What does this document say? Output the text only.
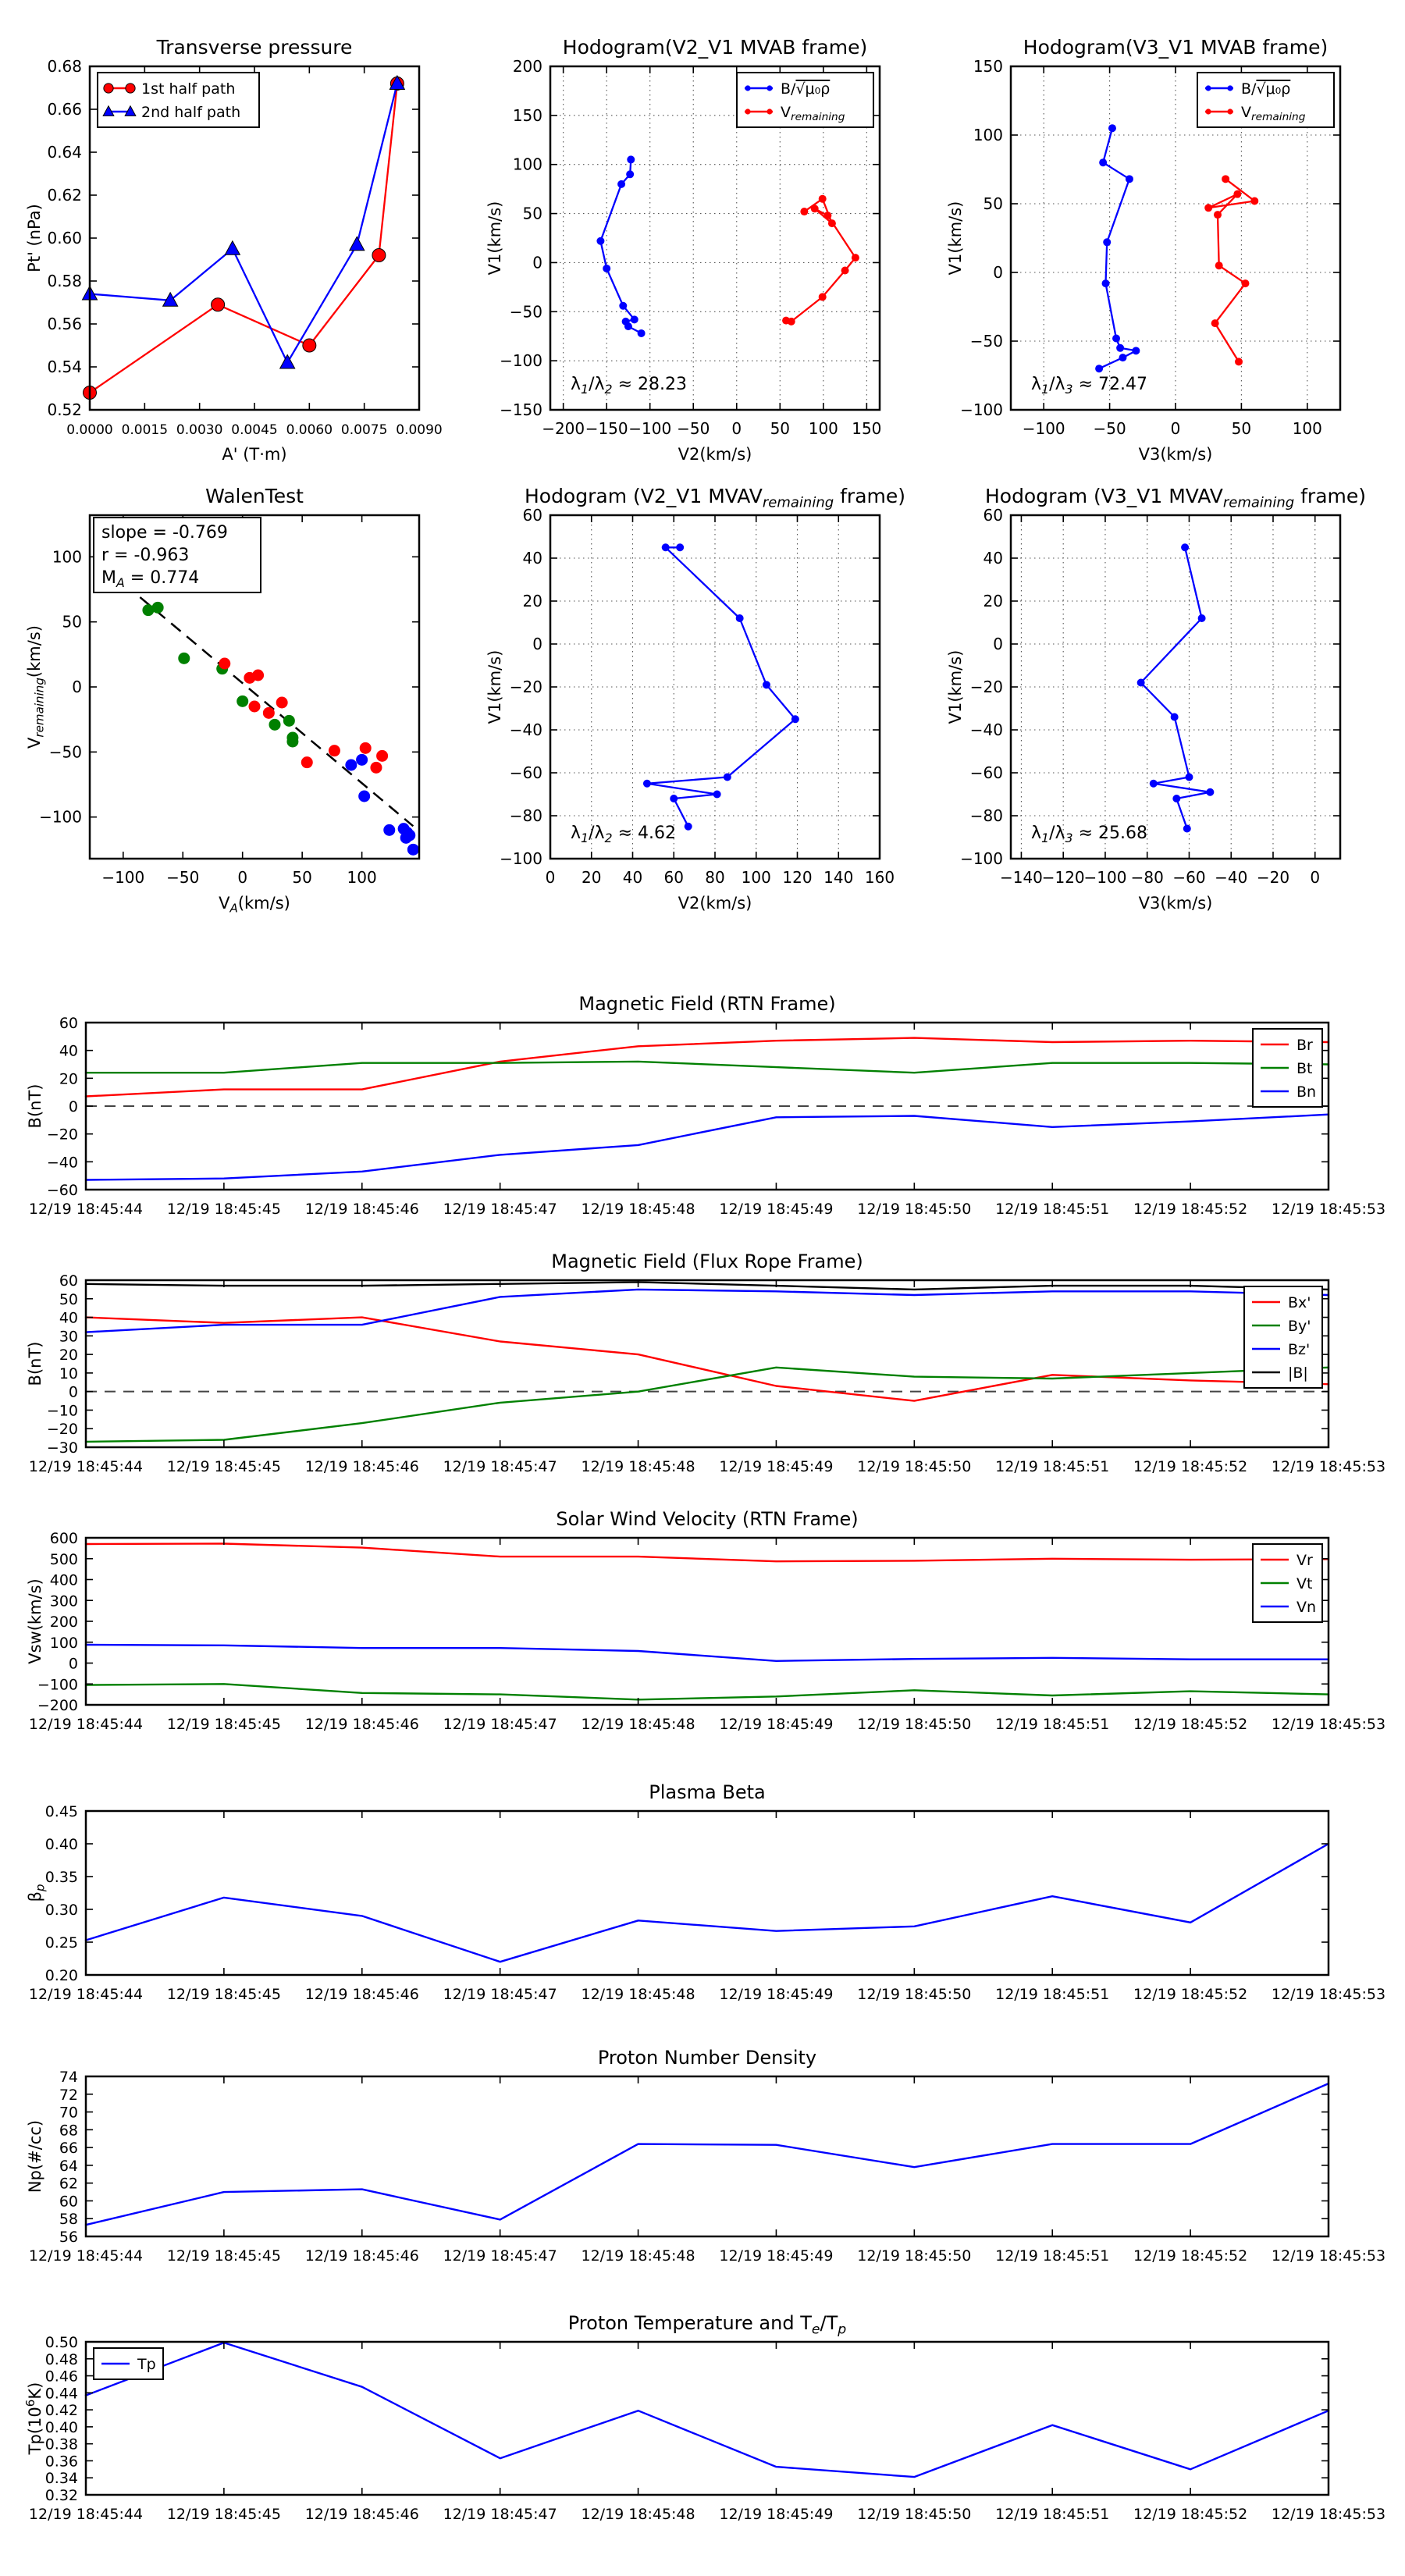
0.52
0.54
0.56
0.58
0.60
0.62
0.64
0.66
0.68
0.0000 0.0015 0.0030 0.0045 0.0060 0.0075 0.0090
Transverse pressure
A' (T·m)
Pt' (nPa)
1st half path
2nd half path
−150
−100
−50
0
50
100
150
200
−200 −150 −100 −50 0 50 100 150
Hodogram(V2_V1 MVAB frame)
V2(km/s)
V1(km/s)
$\lambda_1/\lambda_2 \approx 28.23$
B/√μ₀ρ
$V_{remaining}$
−100
−50
0
50
100
150
−100 −50	0	50	100
Hodogram(V3_V1 MVAB frame)
V3(km/s)
V1(km/s)
$\lambda_1/\lambda_3 \approx 72.47$
B/√μ₀ρ
$V_{remaining}$
−100
−50
0
50
100
−100 −50 0	50 100
WalenTest
$V_A(km/s)$
$V_{remaining}(km/s)$
slope = -0.769
r = -0.963
$M_A = 0.774$
−100
−80
−60
−40
−20
0
20
40
60
0 20 40 60 80 100 120 140 160
Hodogram (V2_V1 $MVAV_{remaining}$ frame)
V2(km/s)
V1(km/s)
$\lambda_1/\lambda_2 \approx 4.62$
−100
−80
−60
−40
−20
0
20
40
60
−140
−120
−100 −80 −60 −40 −20 0
Hodogram (V3_V1 $MVAV_{remaining}$ frame)
V3(km/s)
V1(km/s)
$\lambda_1/\lambda_3 \approx 25.68$
−60
−40
−20
0
20
40
60
12/19 18:45:44 12/19 18:45:45 12/19 18:45:46 12/19 18:45:47 12/19 18:45:48 12/19 18:45:49 12/19 18:45:50 12/19 18:45:51 12/19 18:45:52 12/19 18:45:53
Magnetic Field (RTN Frame)
B(nT)
Br
Bt
Bn
−30
−20
−10
0
10
20
30
40
50
60
12/19 18:45:44 12/19 18:45:45 12/19 18:45:46 12/19 18:45:47 12/19 18:45:48 12/19 18:45:49 12/19 18:45:50 12/19 18:45:51 12/19 18:45:52 12/19 18:45:53
Magnetic Field (Flux Rope Frame)
B(nT)
Bx'
By'
Bz'
|B|
−200
−100
0
100
200
300
400
500
600
12/19 18:45:44 12/19 18:45:45 12/19 18:45:46 12/19 18:45:47 12/19 18:45:48 12/19 18:45:49 12/19 18:45:50 12/19 18:45:51 12/19 18:45:52 12/19 18:45:53
Solar Wind Velocity (RTN Frame)
Vsw(km/s)
Vr
Vt
Vn
0.20
0.25
0.30
0.35
0.40
0.45
12/19 18:45:44 12/19 18:45:45 12/19 18:45:46 12/19 18:45:47 12/19 18:45:48 12/19 18:45:49 12/19 18:45:50 12/19 18:45:51 12/19 18:45:52 12/19 18:45:53
Plasma Beta
$\beta_p$
56
58
60
62
64
66
68
70
72
74
12/19 18:45:44 12/19 18:45:45 12/19 18:45:46 12/19 18:45:47 12/19 18:45:48 12/19 18:45:49 12/19 18:45:50 12/19 18:45:51 12/19 18:45:52 12/19 18:45:53
Proton Number Density
Np(#/cc)
0.32
0.34
0.36
0.38
0.40
0.42
0.44
0.46
0.48
0.50
12/19 18:45:44 12/19 18:45:45 12/19 18:45:46 12/19 18:45:47 12/19 18:45:48 12/19 18:45:49 12/19 18:45:50 12/19 18:45:51 12/19 18:45:52 12/19 18:45:53
Proton Temperature and $T_e/T_p$
$Tp(10^6K)$
Tp
